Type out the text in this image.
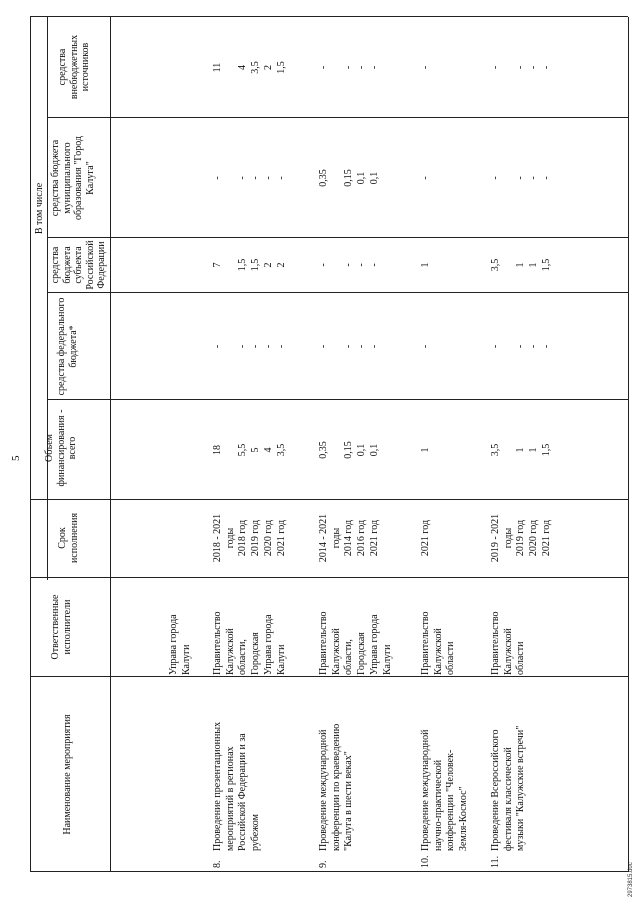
5
2973815.doc
Наименование мероприятия
Ответственные исполнители
Срок исполнения
Объем финансирования - всего
В том числе
средства федерального бюджета*
средства бюджета субъекта Российской Федерации
средства бюджета муниципального образования "Город Калуга"
средства внебюджетных источников
Управа города Калуги
8.
Проведение презентационных мероприятий в регионах Российской Федерации и за рубежом
Правительство Калужской области, Городская Управа города Калуги
2018 - 2021 годы 2018 год 2019 год 2020 год 2021 год
18 5,5 5 4 3,5
- - - - -
7 1,5 1,5 2 2
- - - - -
11 4 3,5 2 1,5
9.
Проведение международной конференции по краеведению "Калуга в шести веках"
Правительство Калужской области, Городская Управа города Калуги
2014 - 2021 годы 2014 год 2016 год 2021 год
0,35 0,15 0,1 0,1
- - - -
- - - -
0,35 0,15 0,1 0,1
- - - -
10.
Проведение международной научно-практической конференции "Человек- Земля-Космос"
Правительство Калужской области
2021 год
1
-
1
-
-
11.
Проведение Всероссийского фестиваля классической музыки "Калужские встречи"
Правительство Калужской области
2019 - 2021 годы 2019 год 2020 год 2021 год
3,5 1 1 1,5
- - - -
3,5 1 1 1,5
- - - -
- - - -
